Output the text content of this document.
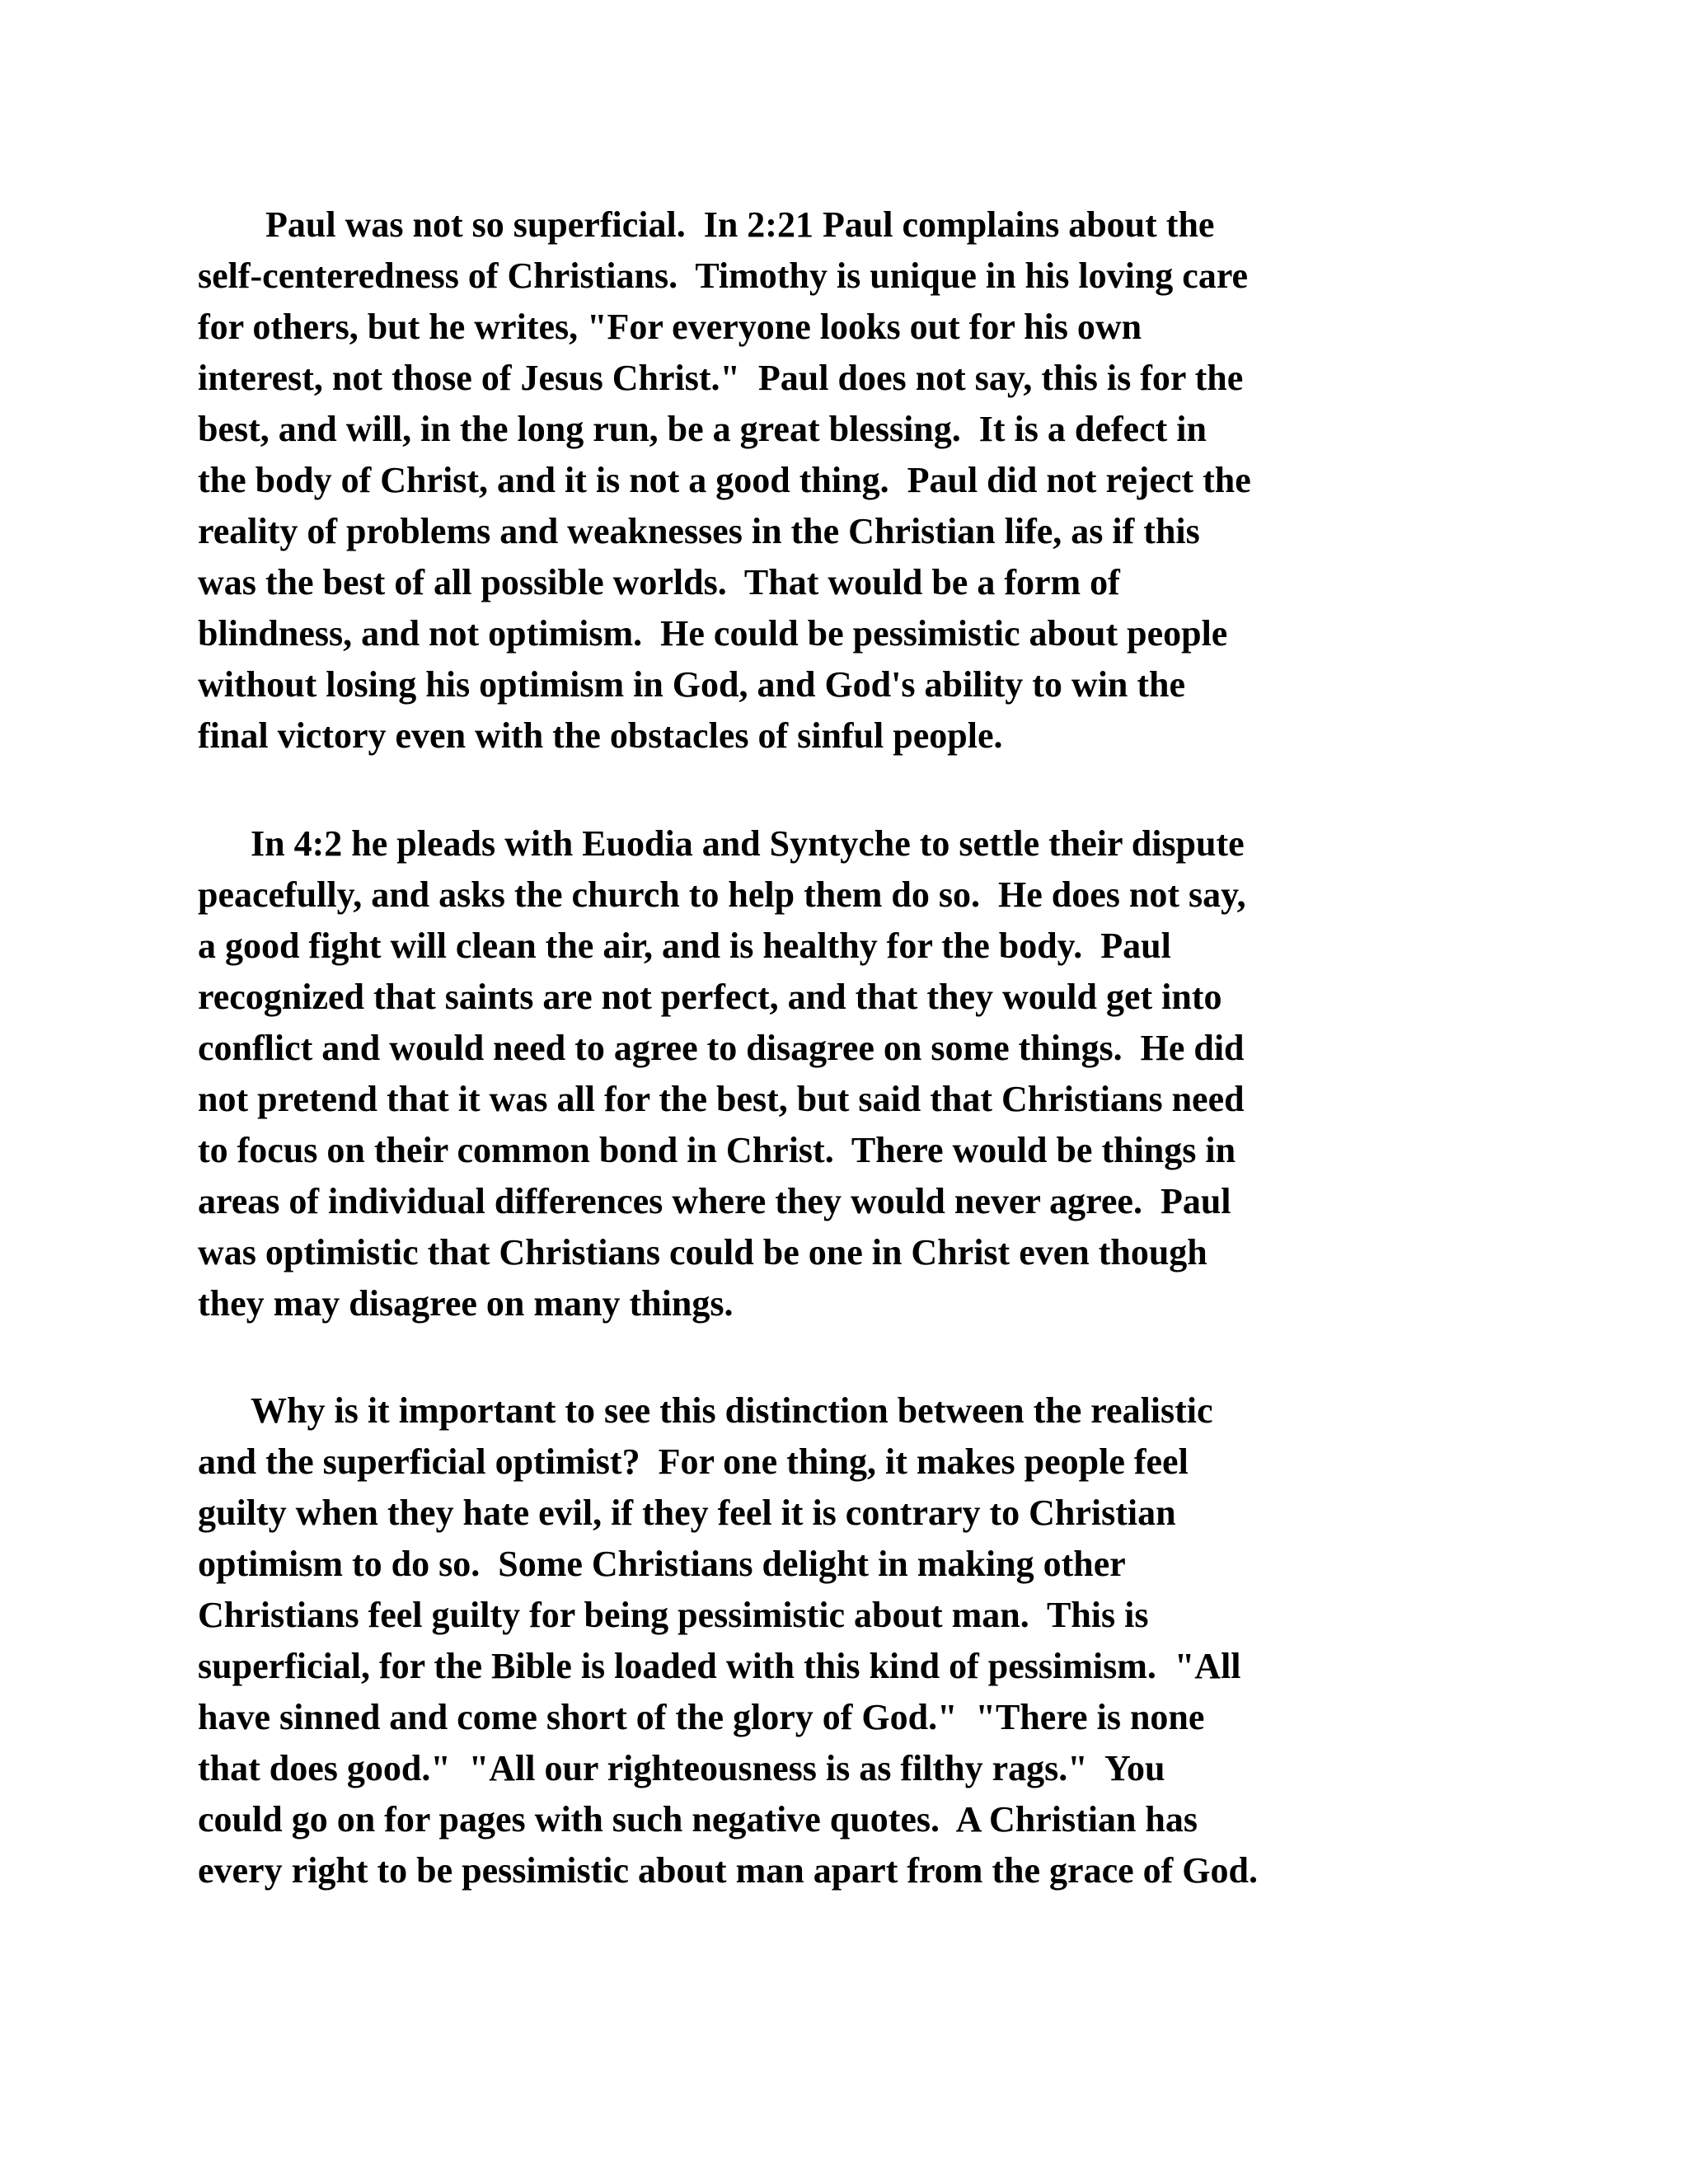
Paul was not so superficial.  In 2:21 Paul complains about the
self-centeredness of Christians.  Timothy is unique in his loving care
for others, but he writes, "For everyone looks out for his own
interest, not those of Jesus Christ."  Paul does not say, this is for the
best, and will, in the long run, be a great blessing.  It is a defect in
the body of Christ, and it is not a good thing.  Paul did not reject the
reality of problems and weaknesses in the Christian life, as if this
was the best of all possible worlds.  That would be a form of
blindness, and not optimism.  He could be pessimistic about people
without losing his optimism in God, and God's ability to win the
final victory even with the obstacles of sinful people.

In 4:2 he pleads with Euodia and Syntyche to settle their dispute
peacefully, and asks the church to help them do so.  He does not say,
a good fight will clean the air, and is healthy for the body.  Paul
recognized that saints are not perfect, and that they would get into
conflict and would need to agree to disagree on some things.  He did
not pretend that it was all for the best, but said that Christians need
to focus on their common bond in Christ.  There would be things in
areas of individual differences where they would never agree.  Paul
was optimistic that Christians could be one in Christ even though
they may disagree on many things.

Why is it important to see this distinction between the realistic
and the superficial optimist?  For one thing, it makes people feel
guilty when they hate evil, if they feel it is contrary to Christian
optimism to do so.  Some Christians delight in making other
Christians feel guilty for being pessimistic about man.  This is
superficial, for the Bible is loaded with this kind of pessimism.  "All
have sinned and come short of the glory of God."  "There is none
that does good."  "All our righteousness is as filthy rags."  You
could go on for pages with such negative quotes.  A Christian has
every right to be pessimistic about man apart from the grace of God.
